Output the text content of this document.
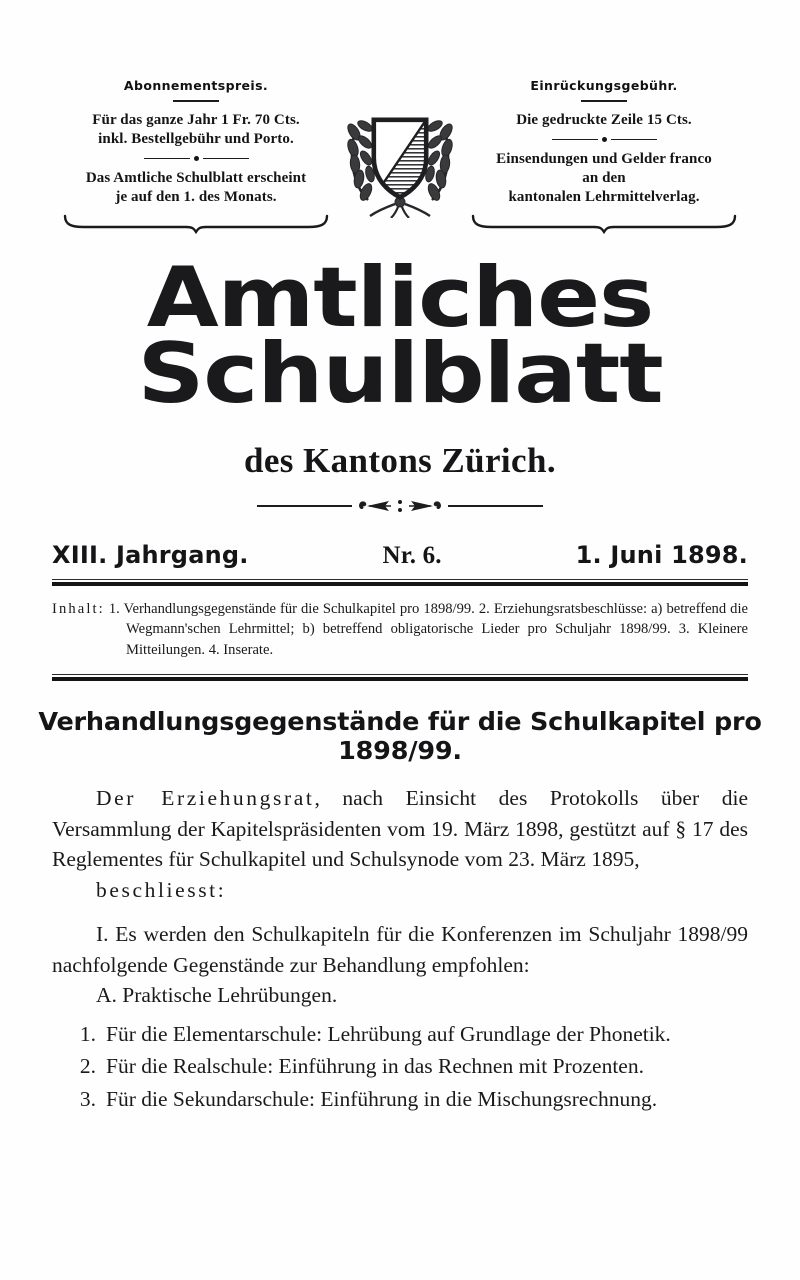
Abonnementspreis.
Für das ganze Jahr 1 Fr. 70 Cts.
inkl. Bestellgebühr und Porto.
Das Amtliche Schulblatt erscheint
je auf den 1. des Monats.
Einrückungsgebühr.
Die gedruckte Zeile 15 Cts.
Einsendungen und Gelder franco
an den
kantonalen Lehrmittelverlag.
Amtliches Schulblatt
des Kantons Zürich.
XIII. Jahrgang.	Nr. 6.	1. Juni 1898.

Inhalt: 1. Verhandlungsgegenstände für die Schulkapitel pro 1898/99. 2. Erziehungsratsbeschlüsse: a) betreffend die Wegmann'schen Lehrmittel; b) betreffend obligatorische Lieder pro Schuljahr 1898/99. 3. Kleinere Mitteilungen. 4. Inserate.

Verhandlungsgegenstände für die Schulkapitel pro 1898/99.

Der Erziehungsrat, nach Einsicht des Protokolls über die Versammlung der Kapitelspräsidenten vom 19. März 1898, gestützt auf § 17 des Reglementes für Schulkapitel und Schulsynode vom 23. März 1895,

beschliesst:

I. Es werden den Schulkapiteln für die Konferenzen im Schuljahr 1898/99 nachfolgende Gegenstände zur Behandlung empfohlen:

A. Praktische Lehrübungen.

1. Für die Elementarschule: Lehrübung auf Grundlage der Phonetik.
2. Für die Realschule: Einführung in das Rechnen mit Prozenten.
3. Für die Sekundarschule: Einführung in die Mischungsrechnung.
